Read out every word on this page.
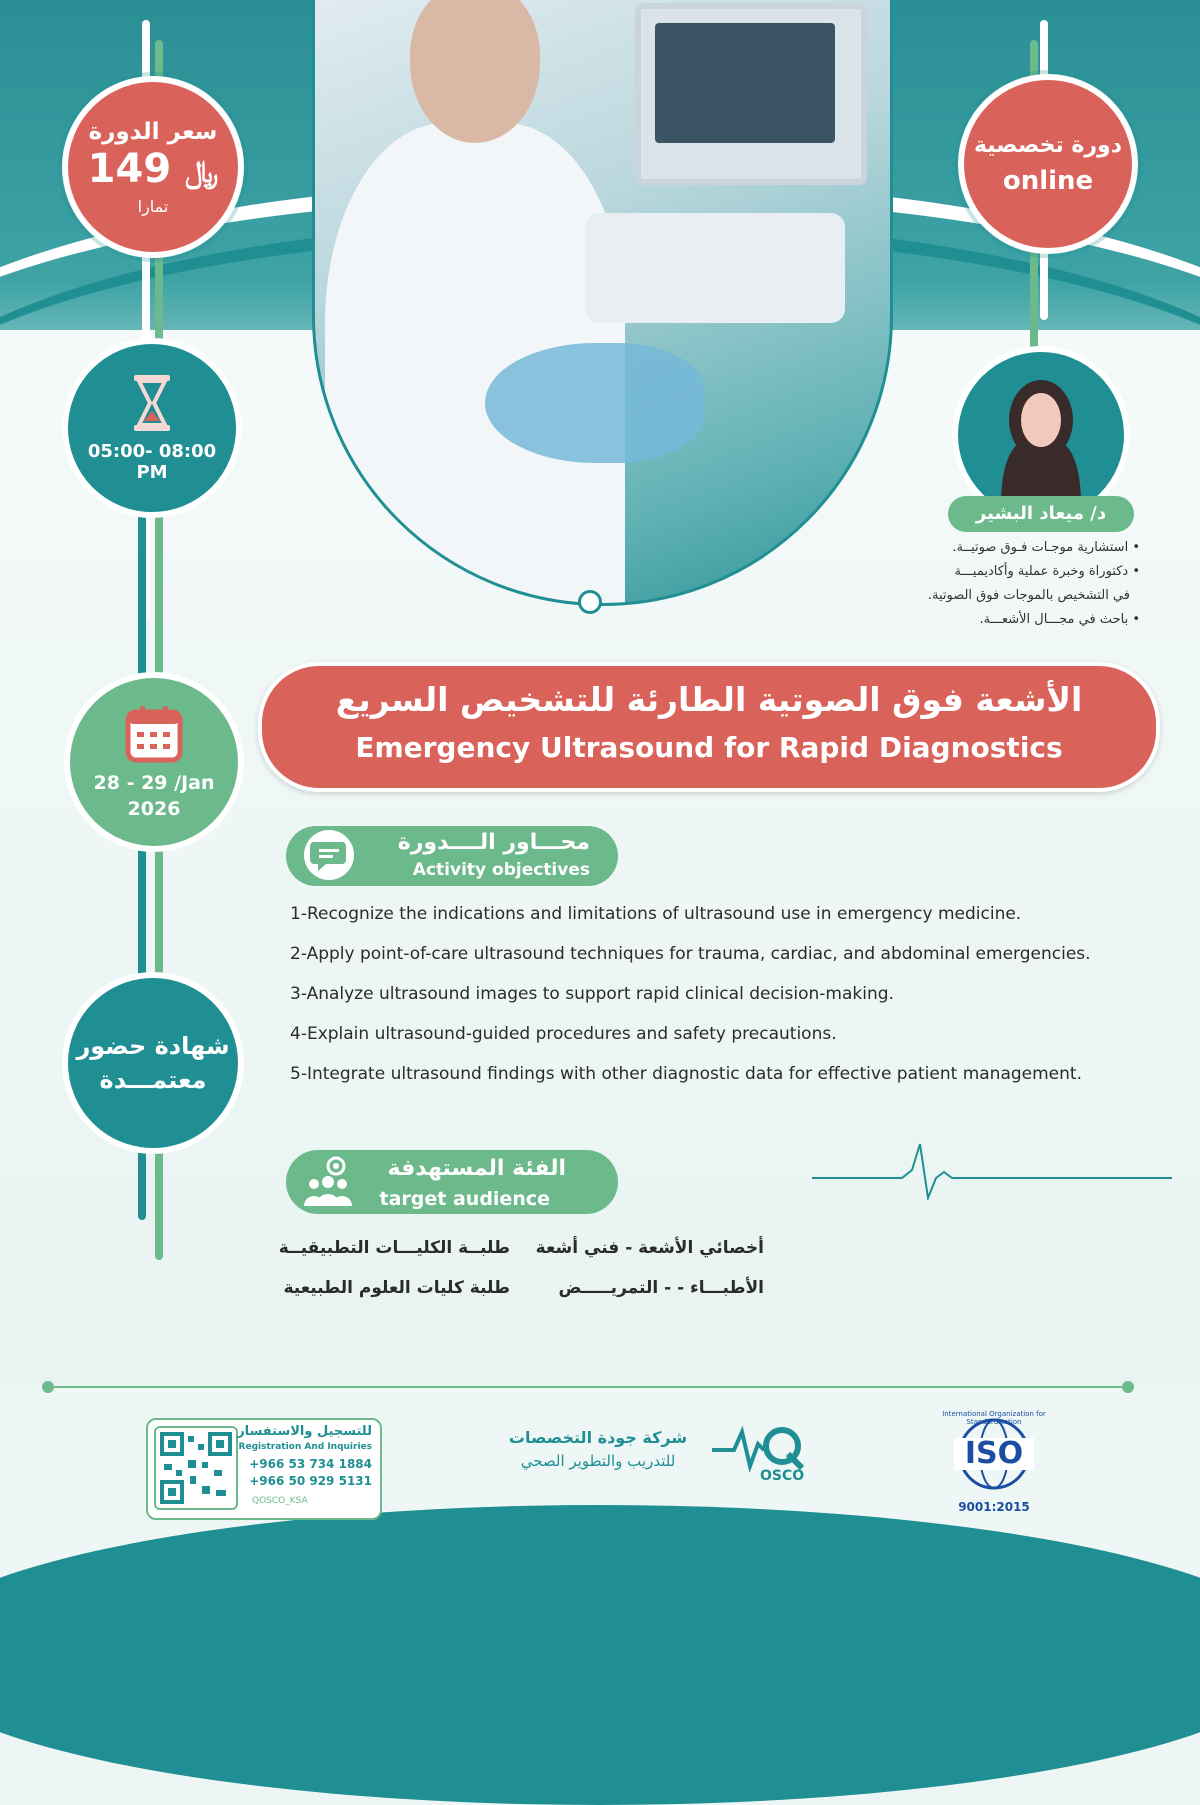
سعر الدورة
149 ﷼
تمارا
دورة تخصصية
online
05:00- 08:00
PM
28 - 29 /Jan
2026
شهادة حضور
معتمـــدة
د/ ميعاد البشير
• استشارية موجـات فـوق صوتيــة.
• دكتوراة وخبرة عملية وأكاديميـــة
في التشخيص بالموجات فوق الصوتية.
• باحث في مجـــال الأشعـــة.
الأشعة فوق الصوتية الطارئة للتشخيص السريع
Emergency Ultrasound for Rapid Diagnostics
محـــاور الــــدورة
Activity objectives
1-Recognize the indications and limitations of ultrasound use in emergency medicine.
2-Apply point-of-care ultrasound techniques for trauma, cardiac, and abdominal emergencies.
3-Analyze ultrasound images to support rapid clinical decision-making.
4-Explain ultrasound-guided procedures and safety precautions.
5-Integrate ultrasound findings with other diagnostic data for effective patient management.
الفئة المستهدفة
target audience
أخصائي الأشعة - فني أشعة
طلبــة الكليـــات التطبيقيــة
الأطبـــاء - - التمريـــــض
طلبة كليات العلوم الطبيعية
للتسجيل والاستفسار
Registration And Inquiries
+966 53 734 1884
+966 50 929 5131
QOSCO_KSA
شركة جودة التخصصات
للتدريب والتطوير الصحي
OSCO
ISO
International Organization for Standardization
9001:2015
